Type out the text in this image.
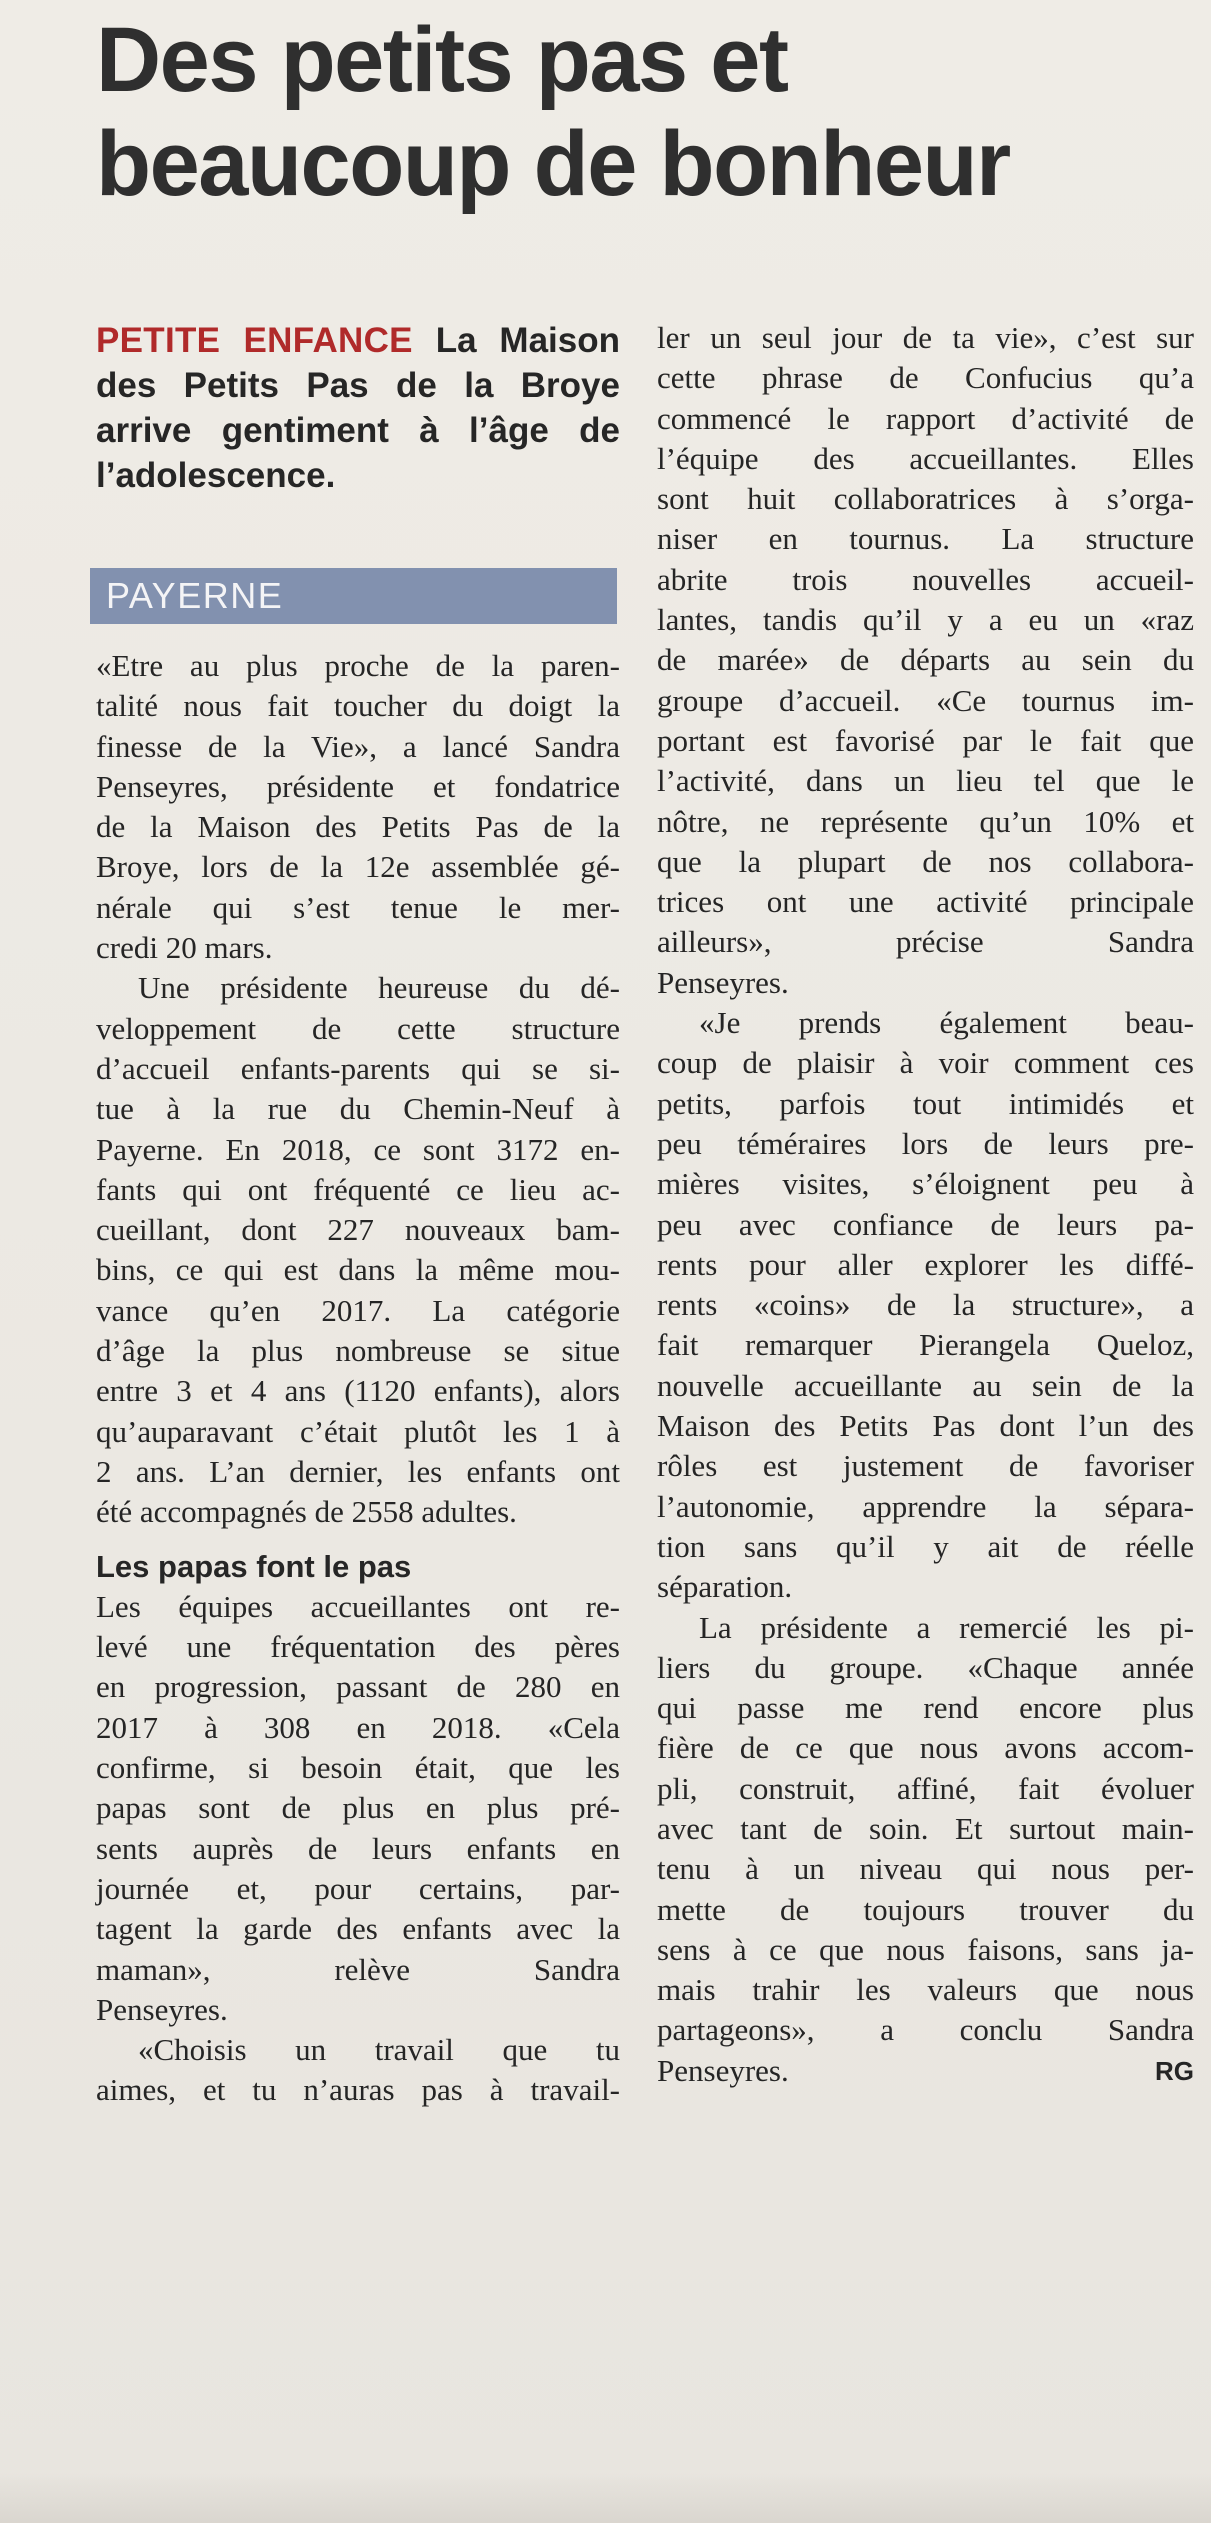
Des petits pas et
beaucoup de bonheur
PETITE ENFANCE La Maison
des Petits Pas de la Broye
arrive gentiment à l’âge de
l’adolescence.
PAYERNE
«Etre au plus proche de la paren-
talité nous fait toucher du doigt la
finesse de la Vie», a lancé Sandra
Penseyres, présidente et fondatrice
de la Maison des Petits Pas de la
Broye, lors de la 12e assemblée gé-
nérale qui s’est tenue le mer-
credi 20 mars.
Une présidente heureuse du dé-
veloppement de cette structure
d’accueil enfants-parents qui se si-
tue à la rue du Chemin-Neuf à
Payerne. En 2018, ce sont 3172 en-
fants qui ont fréquenté ce lieu ac-
cueillant, dont 227 nouveaux bam-
bins, ce qui est dans la même mou-
vance qu’en 2017. La catégorie
d’âge la plus nombreuse se situe
entre 3 et 4 ans (1120 enfants), alors
qu’auparavant c’était plutôt les 1 à
2 ans. L’an dernier, les enfants ont
été accompagnés de 2558 adultes.
Les papas font le pas
Les équipes accueillantes ont re-
levé une fréquentation des pères
en progression, passant de 280 en
2017 à 308 en 2018. «Cela
confirme, si besoin était, que les
papas sont de plus en plus pré-
sents auprès de leurs enfants en
journée et, pour certains, par-
tagent la garde des enfants avec la
maman», relève Sandra
Penseyres.
«Choisis un travail que tu
aimes, et tu n’auras pas à travail-
ler un seul jour de ta vie», c’est sur
cette phrase de Confucius qu’a
commencé le rapport d’activité de
l’équipe des accueillantes. Elles
sont huit collaboratrices à s’orga-
niser en tournus. La structure
abrite trois nouvelles accueil-
lantes, tandis qu’il y a eu un «raz
de marée» de départs au sein du
groupe d’accueil. «Ce tournus im-
portant est favorisé par le fait que
l’activité, dans un lieu tel que le
nôtre, ne représente qu’un 10% et
que la plupart de nos collabora-
trices ont une activité principale
ailleurs», précise Sandra
Penseyres.
«Je prends également beau-
coup de plaisir à voir comment ces
petits, parfois tout intimidés et
peu téméraires lors de leurs pre-
mières visites, s’éloignent peu à
peu avec confiance de leurs pa-
rents pour aller explorer les diffé-
rents «coins» de la structure», a
fait remarquer Pierangela Queloz,
nouvelle accueillante au sein de la
Maison des Petits Pas dont l’un des
rôles est justement de favoriser
l’autonomie, apprendre la sépara-
tion sans qu’il y ait de réelle
séparation.
La présidente a remercié les pi-
liers du groupe. «Chaque année
qui passe me rend encore plus
fière de ce que nous avons accom-
pli, construit, affiné, fait évoluer
avec tant de soin. Et surtout main-
tenu à un niveau qui nous per-
mette de toujours trouver du
sens à ce que nous faisons, sans ja-
mais trahir les valeurs que nous
partageons», a conclu Sandra
Penseyres.	RG
